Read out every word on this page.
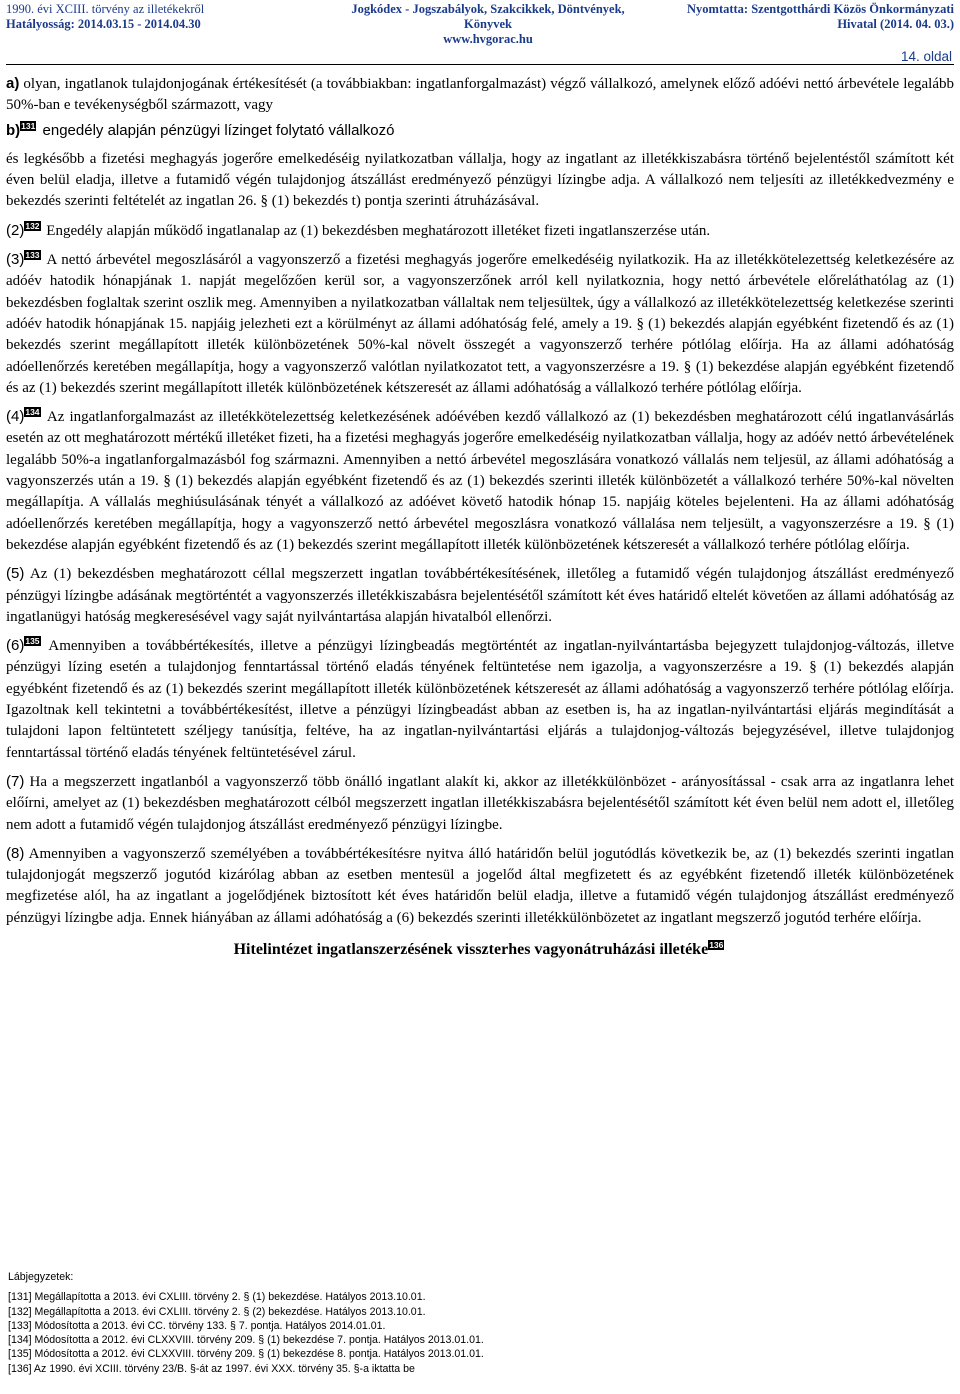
1990. évi XCIII. törvény az illetékekről
Hatályosság: 2014.03.15 - 2014.04.30
Jogkódex - Jogszabályok, Szakcikkek, Döntvények,
Könyvek
www.hvgorac.hu
Nyomtatta: Szentgotthárdi Közös Önkormányzati
Hivatal (2014. 04. 03.)
14. oldal

a) olyan, ingatlanok tulajdonjogának értékesítését (a továbbiakban: ingatlanforgalmazást) végző vállalkozó, amelynek előző adóévi nettó árbevétele legalább 50%-ban e tevékenységből származott, vagy

b)131 engedély alapján pénzügyi lízinget folytató vállalkozó

és legkésőbb a fizetési meghagyás jogerőre emelkedéséig nyilatkozatban vállalja, hogy az ingatlant az illetékkiszabásra történő bejelentéstől számított két éven belül eladja, illetve a futamidő végén tulajdonjog átszállást eredményező pénzügyi lízingbe adja. A vállalkozó nem teljesíti az illetékkedvezmény e bekezdés szerinti feltételét az ingatlan 26. § (1) bekezdés t) pontja szerinti átruházásával.

(2)132 Engedély alapján működő ingatlanalap az (1) bekezdésben meghatározott illetéket fizeti ingatlanszerzése után.

(3)133 A nettó árbevétel megoszlásáról a vagyonszerző a fizetési meghagyás jogerőre emelkedéséig nyilatkozik. Ha az illetékkötelezettség keletkezésére az adóév hatodik hónapjának 1. napját megelőzően kerül sor, a vagyonszerzőnek arról kell nyilatkoznia, hogy nettó árbevétele előreláthatólag az (1) bekezdésben foglaltak szerint oszlik meg. Amennyiben a nyilatkozatban vállaltak nem teljesültek, úgy a vállalkozó az illetékkötelezettség keletkezése szerinti adóév hatodik hónapjának 15. napjáig jelezheti ezt a körülményt az állami adóhatóság felé, amely a 19. § (1) bekezdés alapján egyébként fizetendő és az (1) bekezdés szerint megállapított illeték különbözetének 50%-kal növelt összegét a vagyonszerző terhére pótlólag előírja. Ha az állami adóhatóság adóellenőrzés keretében megállapítja, hogy a vagyonszerző valótlan nyilatkozatot tett, a vagyonszerzésre a 19. § (1) bekezdése alapján egyébként fizetendő és az (1) bekezdés szerint megállapított illeték különbözetének kétszeresét az állami adóhatóság a vállalkozó terhére pótlólag előírja.

(4)134 Az ingatlanforgalmazást az illetékkötelezettség keletkezésének adóévében kezdő vállalkozó az (1) bekezdésben meghatározott célú ingatlanvásárlás esetén az ott meghatározott mértékű illetéket fizeti, ha a fizetési meghagyás jogerőre emelkedéséig nyilatkozatban vállalja, hogy az adóév nettó árbevételének legalább 50%-a ingatlanforgalmazásból fog származni. Amennyiben a nettó árbevétel megoszlására vonatkozó vállalás nem teljesül, az állami adóhatóság a vagyonszerzés után a 19. § (1) bekezdés alapján egyébként fizetendő és az (1) bekezdés szerinti illeték különbözetét a vállalkozó terhére 50%-kal növelten megállapítja. A vállalás meghiúsulásának tényét a vállalkozó az adóévet követő hatodik hónap 15. napjáig köteles bejelenteni. Ha az állami adóhatóság adóellenőrzés keretében megállapítja, hogy a vagyonszerző nettó árbevétel megoszlásra vonatkozó vállalása nem teljesült, a vagyonszerzésre a 19. § (1) bekezdése alapján egyébként fizetendő és az (1) bekezdés szerint megállapított illeték különbözetének kétszeresét a vállalkozó terhére pótlólag előírja.

(5) Az (1) bekezdésben meghatározott céllal megszerzett ingatlan továbbértékesítésének, illetőleg a futamidő végén tulajdonjog átszállást eredményező pénzügyi lízingbe adásának megtörténtét a vagyonszerzés illetékkiszabásra bejelentésétől számított két éves határidő eltelét követően az állami adóhatóság az ingatlanügyi hatóság megkeresésével vagy saját nyilvántartása alapján hivatalból ellenőrzi.

(6)135 Amennyiben a továbbértékesítés, illetve a pénzügyi lízingbeadás megtörténtét az ingatlan-nyilvántartásba bejegyzett tulajdonjog-változás, illetve pénzügyi lízing esetén a tulajdonjog fenntartással történő eladás tényének feltüntetése nem igazolja, a vagyonszerzésre a 19. § (1) bekezdés alapján egyébként fizetendő és az (1) bekezdés szerint megállapított illeték különbözetének kétszeresét az állami adóhatóság a vagyonszerző terhére pótlólag előírja. Igazoltnak kell tekintetni a továbbértékesítést, illetve a pénzügyi lízingbeadást abban az esetben is, ha az ingatlan-nyilvántartási eljárás megindítását a tulajdoni lapon feltüntetett széljegy tanúsítja, feltéve, ha az ingatlan-nyilvántartási eljárás a tulajdonjog-változás bejegyzésével, illetve tulajdonjog fenntartással történő eladás tényének feltüntetésével zárul.

(7) Ha a megszerzett ingatlanból a vagyonszerző több önálló ingatlant alakít ki, akkor az illetékkülönbözet - arányosítással - csak arra az ingatlanra lehet előírni, amelyet az (1) bekezdésben meghatározott célból megszerzett ingatlan illetékkiszabásra bejelentésétől számított két éven belül nem adott el, illetőleg nem adott a futamidő végén tulajdonjog átszállást eredményező pénzügyi lízingbe.

(8) Amennyiben a vagyonszerző személyében a továbbértékesítésre nyitva álló határidőn belül jogutódlás következik be, az (1) bekezdés szerinti ingatlan tulajdonjogát megszerző jogutód kizárólag abban az esetben mentesül a jogelőd által megfizetett és az egyébként fizetendő illeték különbözetének megfizetése alól, ha az ingatlant a jogelődjének biztosított két éves határidőn belül eladja, illetve a futamidő végén tulajdonjog átszállást eredményező pénzügyi lízingbe adja. Ennek hiányában az állami adóhatóság a (6) bekezdés szerinti illetékkülönbözetet az ingatlant megszerző jogutód terhére előírja.

Hitelintézet ingatlanszerzésének visszterhes vagyonátruházási illetéke136
Lábjegyzetek:
[131] Megállapította a 2013. évi CXLIII. törvény 2. § (1) bekezdése. Hatályos 2013.10.01.
[132] Megállapította a 2013. évi CXLIII. törvény 2. § (2) bekezdése. Hatályos 2013.10.01.
[133] Módosította a 2013. évi CC. törvény 133. § 7. pontja. Hatályos 2014.01.01.
[134] Módosította a 2012. évi CLXXVIII. törvény 209. § (1) bekezdése 7. pontja. Hatályos 2013.01.01.
[135] Módosította a 2012. évi CLXXVIII. törvény 209. § (1) bekezdése 8. pontja. Hatályos 2013.01.01.
[136] Az 1990. évi XCIII. törvény 23/B. §-át az 1997. évi XXX. törvény 35. §-a iktatta be
